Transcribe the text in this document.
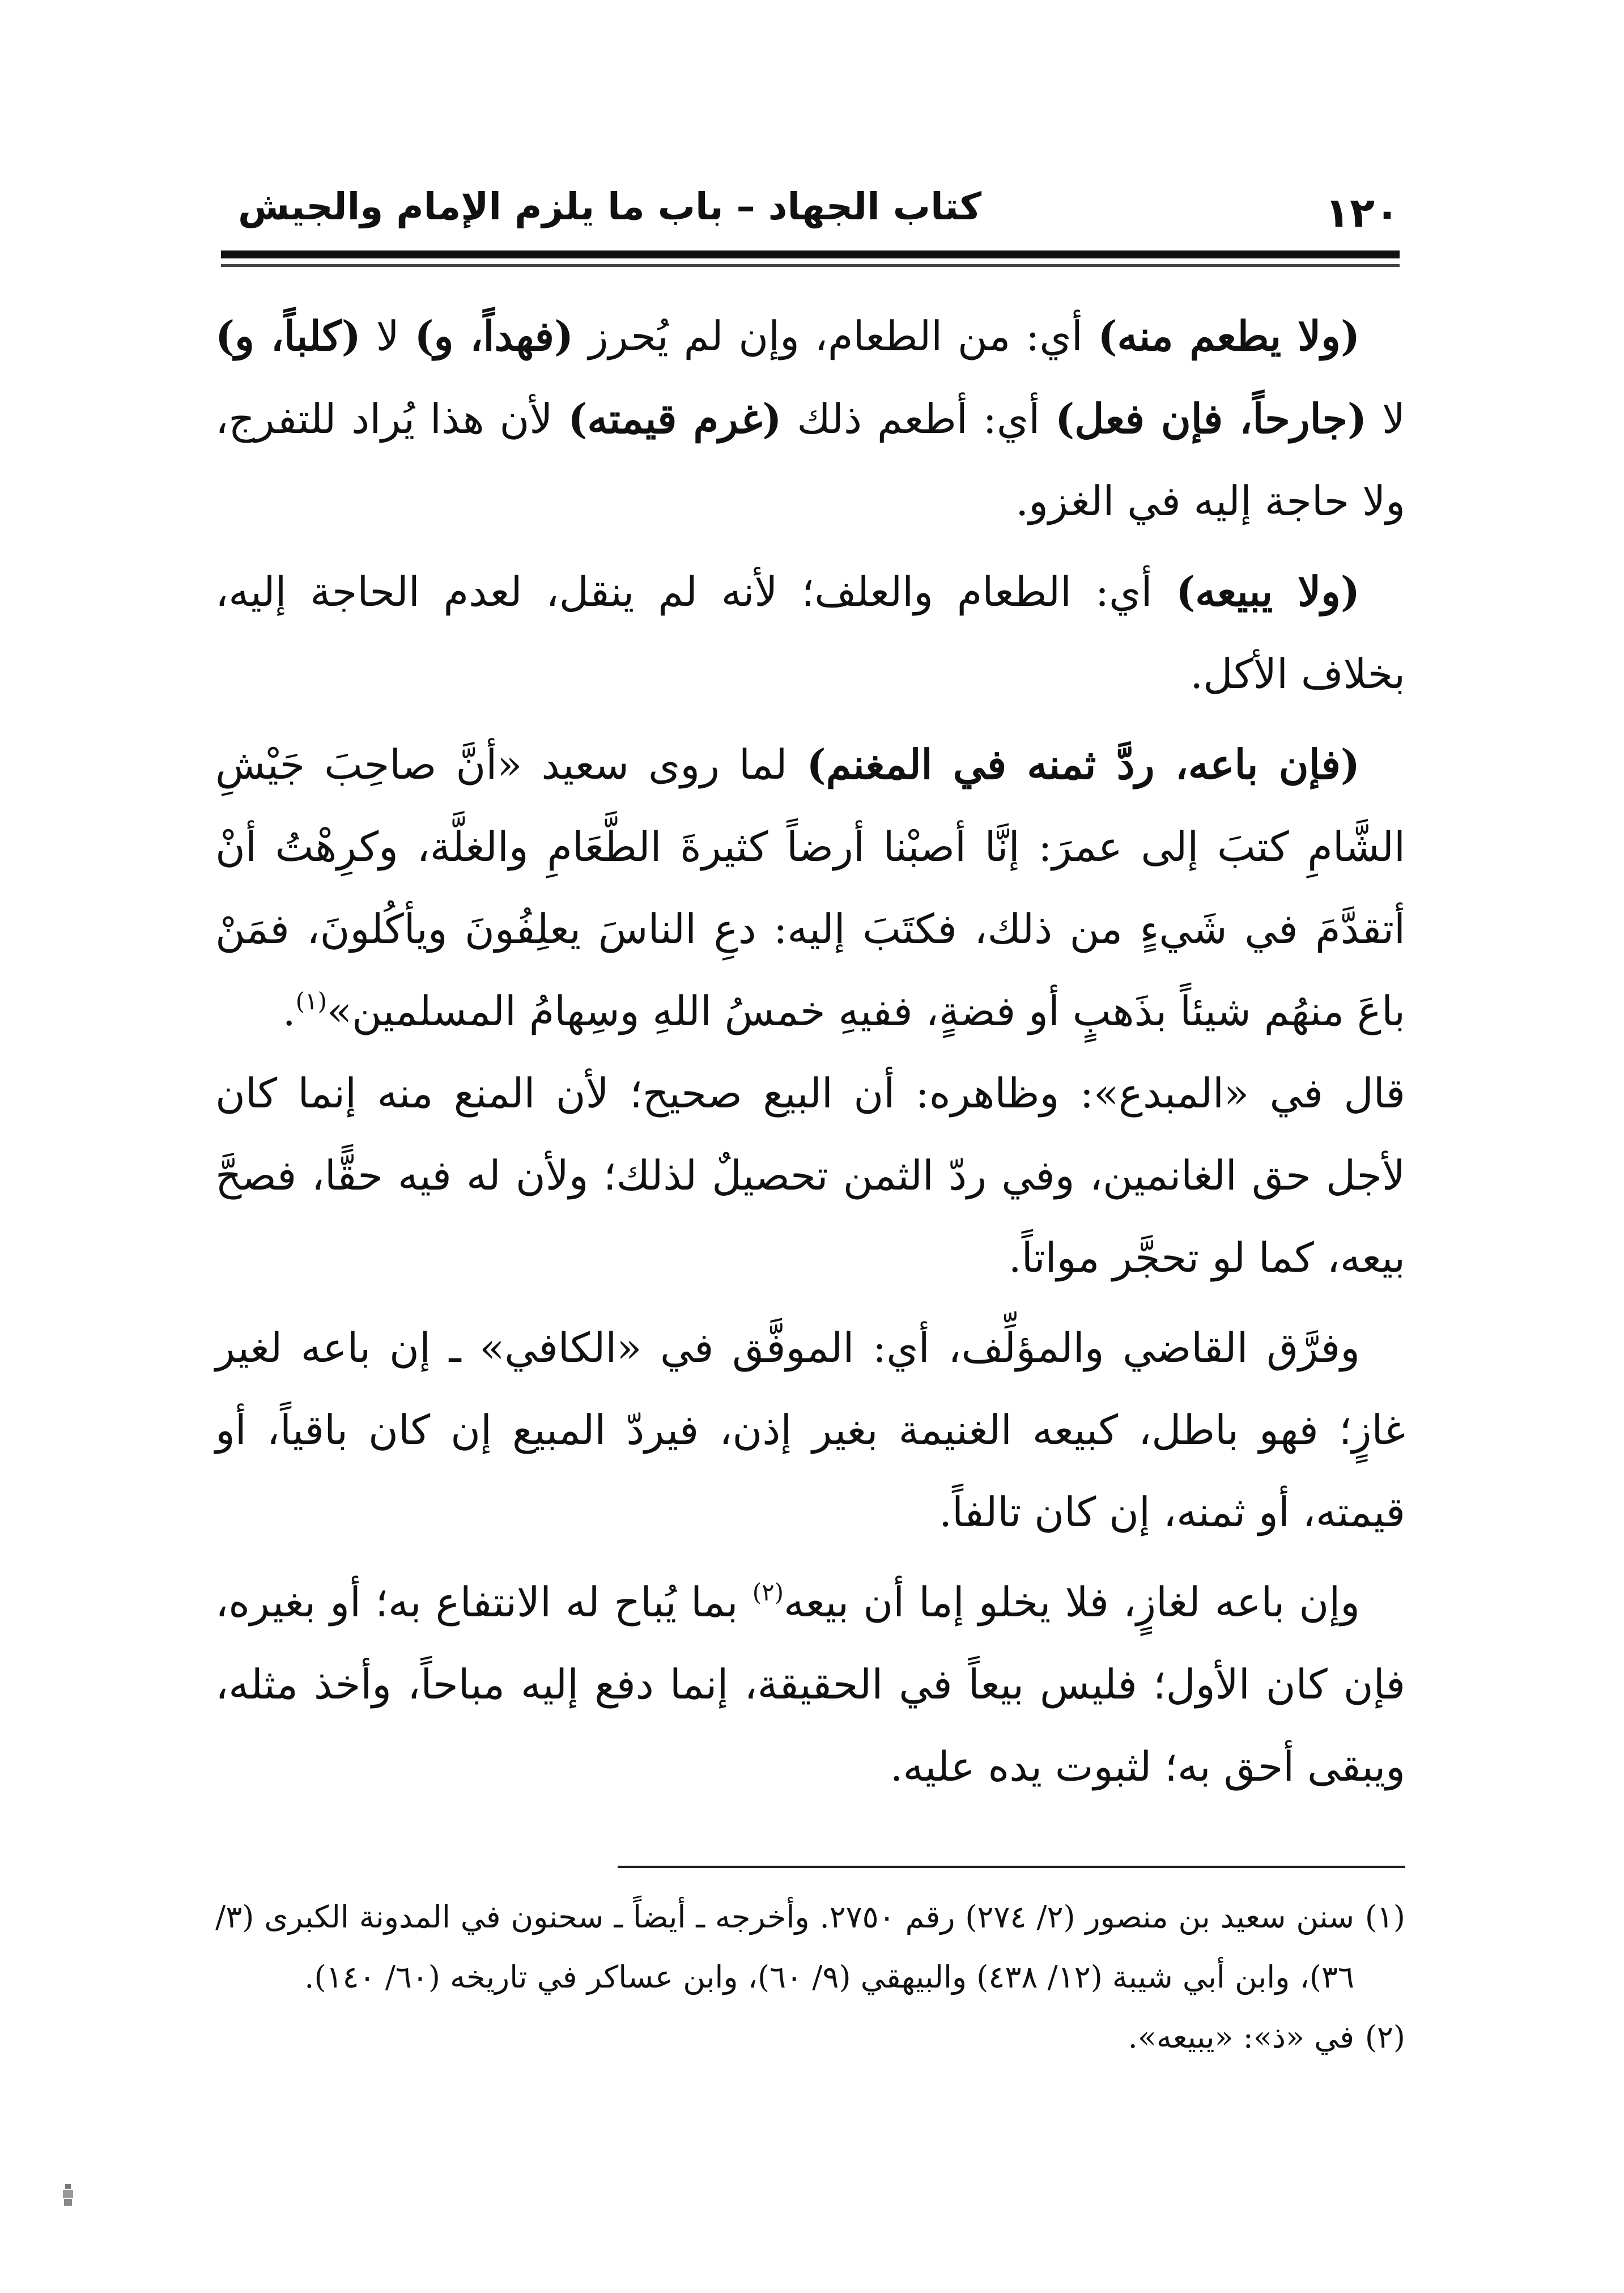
١٢٠
كتاب الجهاد – باب ما يلزم الإمام والجيش

(ولا يطعم منه) أي: من الطعام، وإن لم يُحرز (فهداً، و) لا (كلباً، و) لا (جارحاً، فإن فعل) أي: أطعم ذلك (غرم قيمته) لأن هذا يُراد للتفرج، ولا حاجة إليه في الغزو.

(ولا يبيعه) أي: الطعام والعلف؛ لأنه لم ينقل، لعدم الحاجة إليه، بخلاف الأكل.

(فإن باعه، ردَّ ثمنه في المغنم) لما روى سعيد «أنَّ صاحِبَ جَيْشِ الشَّامِ كتبَ إلى عمرَ: إنَّا أصبْنا أرضاً كثيرةَ الطَّعَامِ والغلَّة، وكرِهْتُ أنْ أتقدَّمَ في شَيءٍ من ذلك، فكتَبَ إليه: دعِ الناسَ يعلِفُونَ ويأكُلونَ، فمَنْ باعَ منهُم شيئاً بذَهبٍ أو فضةٍ، ففيهِ خمسُ اللهِ وسِهامُ المسلمين»$^{(١)}$.

قال في «المبدع»: وظاهره: أن البيع صحيح؛ لأن المنع منه إنما كان لأجل حق الغانمين، وفي ردّ الثمن تحصيلٌ لذلك؛ ولأن له فيه حقًّا، فصحَّ بيعه، كما لو تحجَّر مواتاً.

وفرَّق القاضي والمؤلِّف، أي: الموفَّق في «الكافي» ـ إن باعه لغير غازٍ؛ فهو باطل، كبيعه الغنيمة بغير إذن، فيردّ المبيع إن كان باقياً، أو قيمته، أو ثمنه، إن كان تالفاً.

وإن باعه لغازٍ، فلا يخلو إما أن بيعه$^{(٢)}$ بما يُباح له الانتفاع به؛ أو بغيره، فإن كان الأول؛ فليس بيعاً في الحقيقة، إنما دفع إليه مباحاً، وأخذ مثله، ويبقى أحق به؛ لثبوت يده عليه.

(١)
سنن سعيد بن منصور (٢/ ٢٧٤) رقم ٢٧٥٠. وأخرجه ـ أيضاً ـ سحنون في المدونة الكبرى (٣/ ٣٦)، وابن أبي شيبة (١٢/ ٤٣٨) والبيهقي (٩/ ٦٠)، وابن عساكر في تاريخه (٦٠/ ١٤٠).

(٢)
في «ذ»: «يبيعه».
